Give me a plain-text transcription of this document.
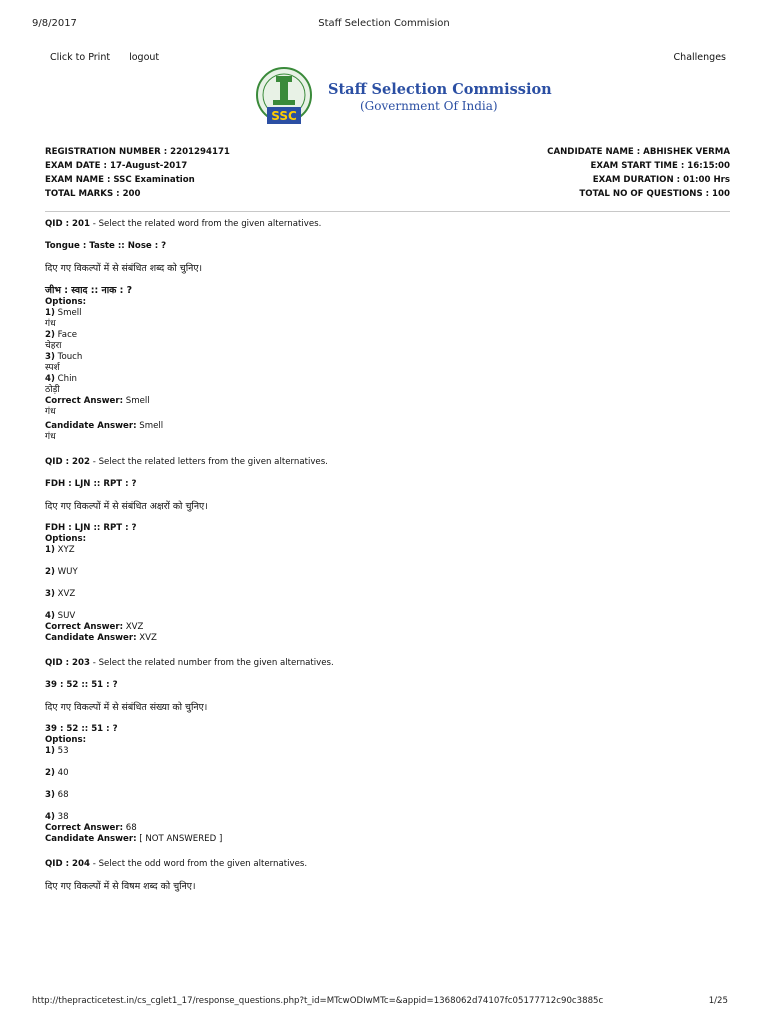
9/8/2017	Staff Selection Commision
Click to Print logout	Challenges
SSC
Staff Selection Commission
(Government Of India)
REGISTRATION NUMBER : 2201294171
EXAM DATE : 17-August-2017
EXAM NAME : SSC Examination
TOTAL MARKS : 200
CANDIDATE NAME : ABHISHEK VERMA
EXAM START TIME : 16:15:00
EXAM DURATION : 01:00 Hrs
TOTAL NO OF QUESTIONS : 100
QID : 201 - Select the related word from the given alternatives.
Tongue : Taste :: Nose : ?
दिए गए विकल्पों में से संबंधित शब्द को चुनिए।
जीभ : स्वाद :: नाक : ?
Options:
1) Smell
गंध
2) Face
चेहरा
3) Touch
स्पर्श
4) Chin
ठोड़ी
Correct Answer: Smell
गंध
Candidate Answer: Smell
गंध
QID : 202 - Select the related letters from the given alternatives.
FDH : LJN :: RPT : ?
दिए गए विकल्पों में से संबंधित अक्षरों को चुनिए।
FDH : LJN :: RPT : ?
Options:
1) XYZ
2) WUY
3) XVZ
4) SUV
Correct Answer: XVZ
Candidate Answer: XVZ
QID : 203 - Select the related number from the given alternatives.
39 : 52 :: 51 : ?
दिए गए विकल्पों में से संबंधित संख्या को चुनिए।
39 : 52 :: 51 : ?
Options:
1) 53
2) 40
3) 68
4) 38
Correct Answer: 68
Candidate Answer: [ NOT ANSWERED ]
QID : 204 - Select the odd word from the given alternatives.
दिए गए विकल्पों में से विषम शब्द को चुनिए।
http://thepracticetest.in/cs_cglet1_17/response_questions.php?t_id=MTcwODIwMTc=&appid=1368062d74107fc05177712c90c3885c	1/25
